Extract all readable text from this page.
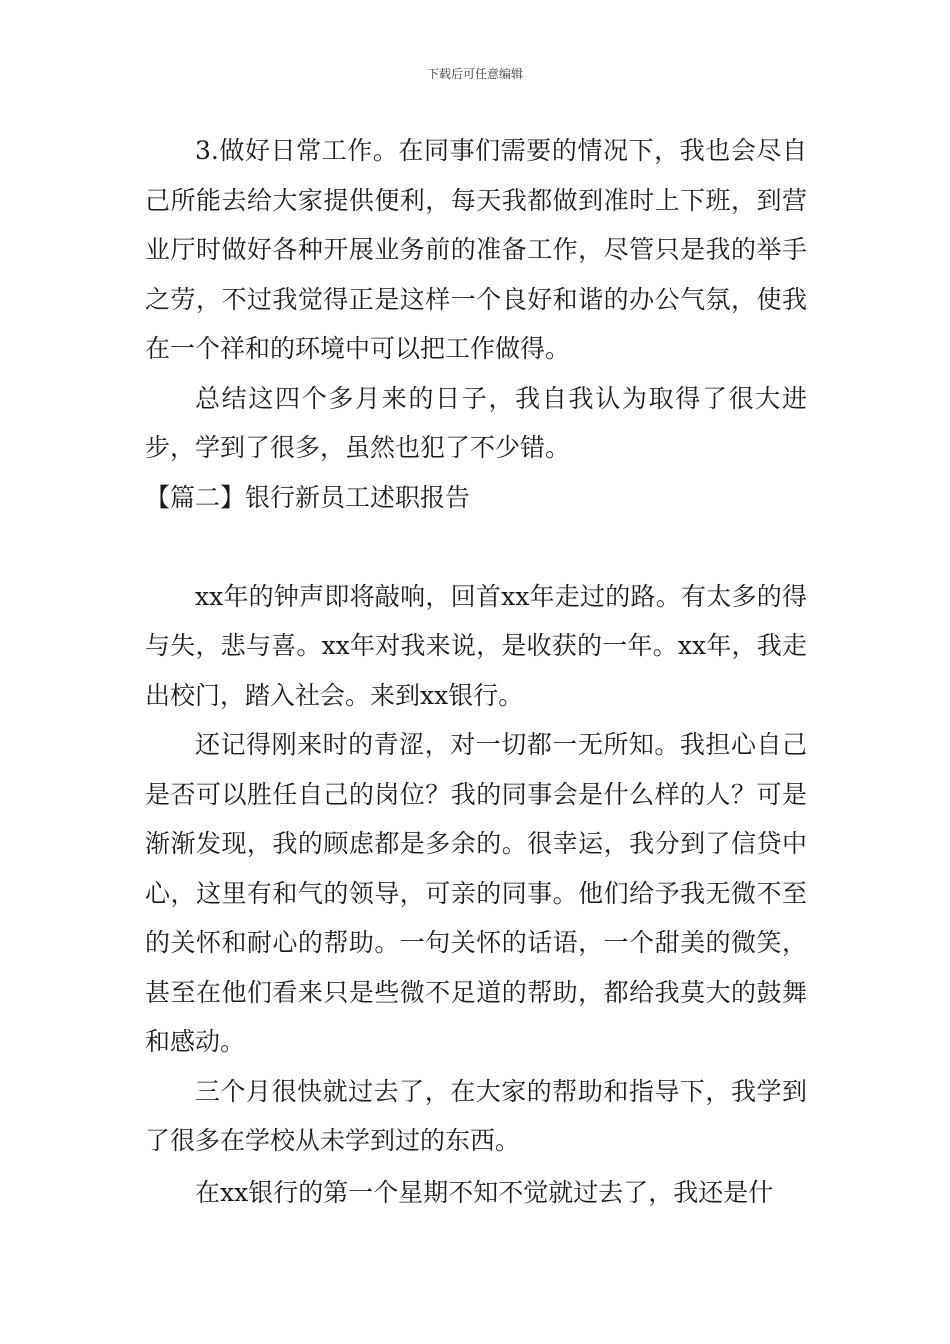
下载后可任意编辑

3.做好日常工作。在同事们需要的情况下，我也会尽自己所能去给大家提供便利，每天我都做到准时上下班，到营业厅时做好各种开展业务前的准备工作，尽管只是我的举手之劳，不过我觉得正是这样一个良好和谐的办公气氛，使我在一个祥和的环境中可以把工作做得。

总结这四个多月来的日子，我自我认为取得了很大进步，学到了很多，虽然也犯了不少错。

【篇二】银行新员工述职报告

xx年的钟声即将敲响，回首xx年走过的路。有太多的得与失，悲与喜。xx年对我来说，是收获的一年。xx年，我走出校门，踏入社会。来到xx银行。

还记得刚来时的青涩，对一切都一无所知。我担心自己是否可以胜任自己的岗位？我的同事会是什么样的人？可是渐渐发现，我的顾虑都是多余的。很幸运，我分到了信贷中心，这里有和气的领导，可亲的同事。他们给予我无微不至的关怀和耐心的帮助。一句关怀的话语，一个甜美的微笑，甚至在他们看来只是些微不足道的帮助，都给我莫大的鼓舞和感动。

三个月很快就过去了，在大家的帮助和指导下，我学到了很多在学校从未学到过的东西。

在xx银行的第一个星期不知不觉就过去了，我还是什
